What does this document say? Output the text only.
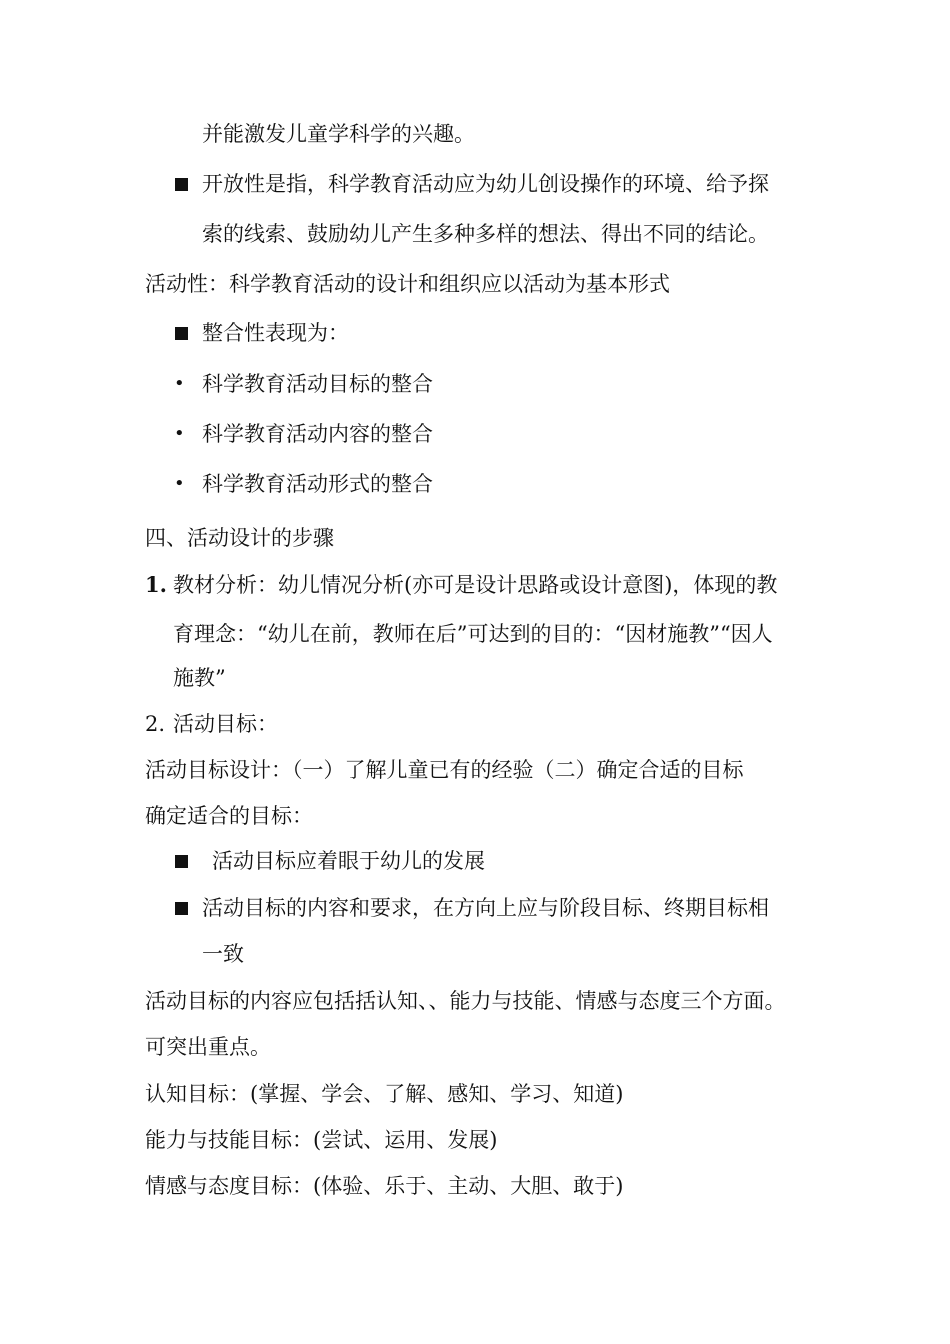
并能激发儿童学科学的兴趣。
开放性是指，科学教育活动应为幼儿创设操作的环境、给予探
索的线索、鼓励幼儿产生多种多样的想法、得出不同的结论。
活动性：科学教育活动的设计和组织应以活动为基本形式
整合性表现为：
• 科学教育活动目标的整合
• 科学教育活动内容的整合
• 科学教育活动形式的整合
四、活动设计的步骤
1. 教材分析：幼儿情况分析(亦可是设计思路或设计意图)，体现的教
育理念：“幼儿在前，教师在后”可达到的目的：“因材施教”“因人
施教”
2. 活动目标：
活动目标设计：（一）了解儿童已有的经验（二）确定合适的目标
确定适合的目标：
活动目标应着眼于幼儿的发展
活动目标的内容和要求，在方向上应与阶段目标、终期目标相
一致
活动目标的内容应包括括认知、、能力与技能、情感与态度三个方面。
可突出重点。
认知目标：(掌握、学会、了解、感知、学习、知道)
能力与技能目标：(尝试、运用、发展)
情感与态度目标：(体验、乐于、主动、大胆、敢于)
